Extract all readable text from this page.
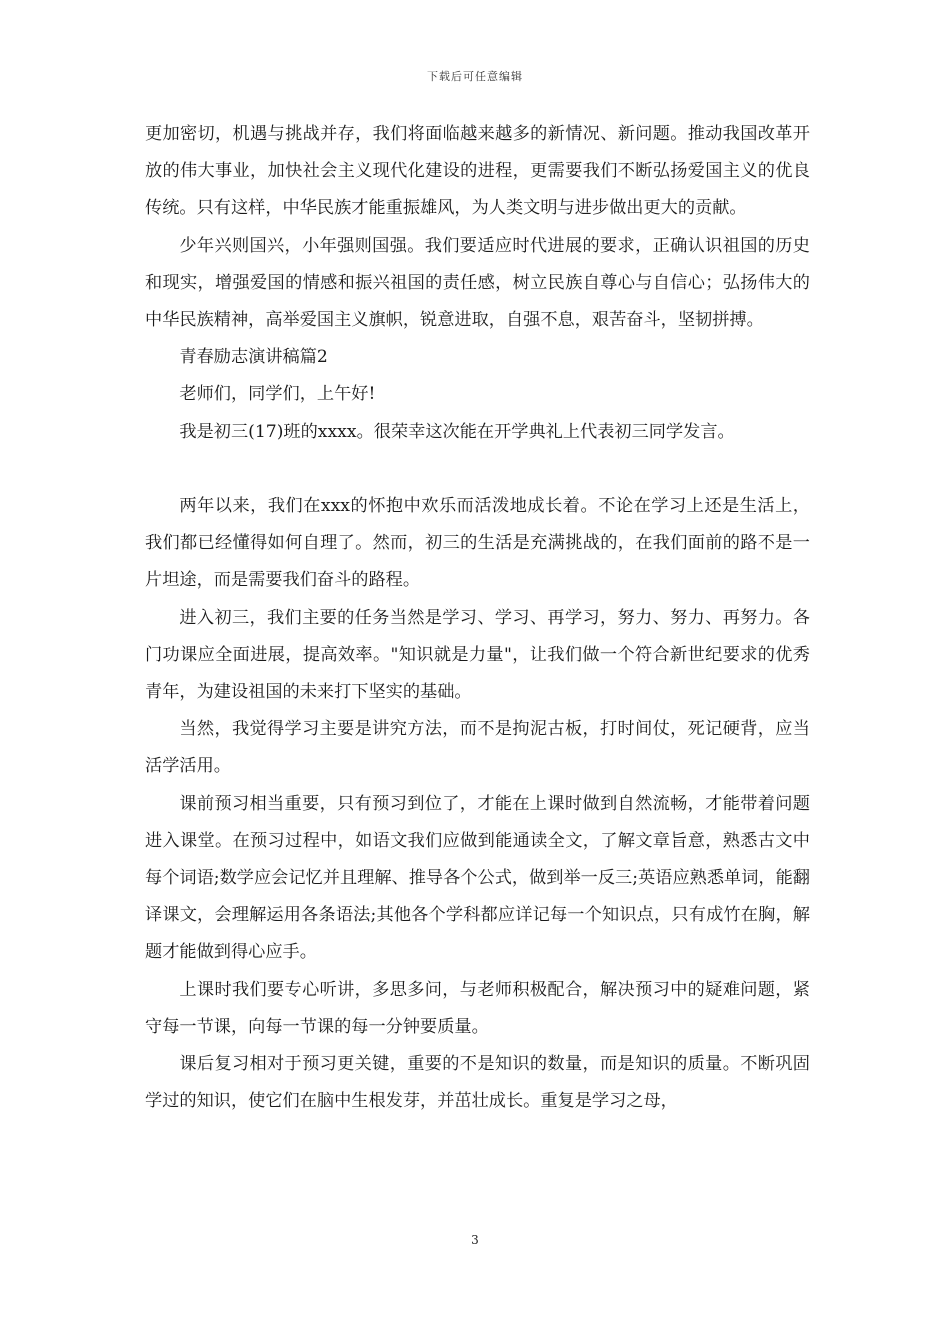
下载后可任意编辑

更加密切，机遇与挑战并存，我们将面临越来越多的新情况、新问题。推动我国改革开放的伟大事业，加快社会主义现代化建设的进程，更需要我们不断弘扬爱国主义的优良传统。只有这样，中华民族才能重振雄风，为人类文明与进步做出更大的贡献。

少年兴则国兴，小年强则国强。我们要适应时代进展的要求，正确认识祖国的历史和现实，增强爱国的情感和振兴祖国的责任感，树立民族自尊心与自信心；弘扬伟大的中华民族精神，高举爱国主义旗帜，锐意进取，自强不息，艰苦奋斗，坚韧拼搏。

青春励志演讲稿篇2

老师们，同学们，上午好!

我是初三(17)班的xxxx。很荣幸这次能在开学典礼上代表初三同学发言。

两年以来，我们在xxx的怀抱中欢乐而活泼地成长着。不论在学习上还是生活上，我们都已经懂得如何自理了。然而，初三的生活是充满挑战的，在我们面前的路不是一片坦途，而是需要我们奋斗的路程。

进入初三，我们主要的任务当然是学习、学习、再学习，努力、努力、再努力。各门功课应全面进展，提高效率。"知识就是力量"，让我们做一个符合新世纪要求的优秀青年，为建设祖国的未来打下坚实的基础。

当然，我觉得学习主要是讲究方法，而不是拘泥古板，打时间仗，死记硬背，应当活学活用。

课前预习相当重要，只有预习到位了，才能在上课时做到自然流畅，才能带着问题进入课堂。在预习过程中，如语文我们应做到能通读全文，了解文章旨意，熟悉古文中每个词语;数学应会记忆并且理解、推导各个公式，做到举一反三;英语应熟悉单词，能翻译课文，会理解运用各条语法;其他各个学科都应详记每一个知识点，只有成竹在胸，解题才能做到得心应手。

上课时我们要专心听讲，多思多问，与老师积极配合，解决预习中的疑难问题，紧守每一节课，向每一节课的每一分钟要质量。

课后复习相对于预习更关键，重要的不是知识的数量，而是知识的质量。不断巩固学过的知识，使它们在脑中生根发芽，并茁壮成长。重复是学习之母，

3
